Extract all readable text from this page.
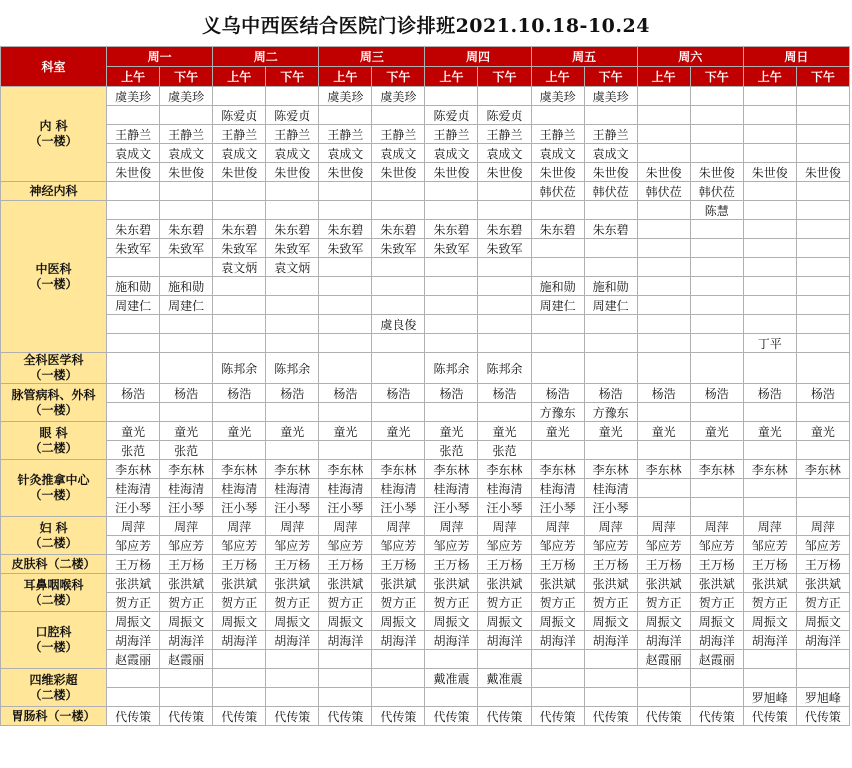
义乌中西医结合医院门诊排班2021.10.18-10.24
科室	周一		周二		周三		周四		周五		周六		周日	
	上午	下午	上午	下午	上午	下午	上午	下午	上午	下午	上午	下午	上午	下午
内 科
（一楼）	虞美珍	虞美珍			虞美珍	虞美珍			虞美珍	虞美珍				
			陈爱贞	陈爱贞			陈爱贞	陈爱贞						
	王静兰	王静兰	王静兰	王静兰	王静兰	王静兰	王静兰	王静兰	王静兰	王静兰				
	袁成文	袁成文	袁成文	袁成文	袁成文	袁成文	袁成文	袁成文	袁成文	袁成文				
	朱世俊	朱世俊	朱世俊	朱世俊	朱世俊	朱世俊	朱世俊	朱世俊	朱世俊	朱世俊	朱世俊	朱世俊	朱世俊	朱世俊
神经内科									韩伏莅	韩伏莅	韩伏莅	韩伏莅		
中医科
（一楼）												陈慧		
	朱东碧	朱东碧	朱东碧	朱东碧	朱东碧	朱东碧	朱东碧	朱东碧	朱东碧	朱东碧				
	朱致军	朱致军	朱致军	朱致军	朱致军	朱致军	朱致军	朱致军						
			袁文炳	袁文炳										
	施和勋	施和勋							施和勋	施和勋				
	周建仁	周建仁							周建仁	周建仁				
						虞良俊								
													丁平	
全科医学科
（一楼）			陈邦余	陈邦余			陈邦余	陈邦余						
脉管病科、外科
（一楼）	杨浩	杨浩	杨浩	杨浩	杨浩	杨浩	杨浩	杨浩	杨浩	杨浩	杨浩	杨浩	杨浩	杨浩
									方豫东	方豫东				
眼 科
（二楼）	童光	童光	童光	童光	童光	童光	童光	童光	童光	童光	童光	童光	童光	童光
	张范	张范					张范	张范						
针灸推拿中心
（一楼）	李东林	李东林	李东林	李东林	李东林	李东林	李东林	李东林	李东林	李东林	李东林	李东林	李东林	李东林
	桂海清	桂海清	桂海清	桂海清	桂海清	桂海清	桂海清	桂海清	桂海清	桂海清				
	汪小琴	汪小琴	汪小琴	汪小琴	汪小琴	汪小琴	汪小琴	汪小琴	汪小琴	汪小琴				
妇 科
（二楼）	周萍	周萍	周萍	周萍	周萍	周萍	周萍	周萍	周萍	周萍	周萍	周萍	周萍	周萍
	邹应芳	邹应芳	邹应芳	邹应芳	邹应芳	邹应芳	邹应芳	邹应芳	邹应芳	邹应芳	邹应芳	邹应芳	邹应芳	邹应芳
皮肤科（二楼）	王万杨	王万杨	王万杨	王万杨	王万杨	王万杨	王万杨	王万杨	王万杨	王万杨	王万杨	王万杨	王万杨	王万杨
耳鼻咽喉科
（二楼）	张洪斌	张洪斌	张洪斌	张洪斌	张洪斌	张洪斌	张洪斌	张洪斌	张洪斌	张洪斌	张洪斌	张洪斌	张洪斌	张洪斌
	贺方正	贺方正	贺方正	贺方正	贺方正	贺方正	贺方正	贺方正	贺方正	贺方正	贺方正	贺方正	贺方正	贺方正
口腔科
（一楼）	周振文	周振文	周振文	周振文	周振文	周振文	周振文	周振文	周振文	周振文	周振文	周振文	周振文	周振文
	胡海洋	胡海洋	胡海洋	胡海洋	胡海洋	胡海洋	胡海洋	胡海洋	胡海洋	胡海洋	胡海洋	胡海洋	胡海洋	胡海洋
	赵霞丽	赵霞丽									赵霞丽	赵霞丽		
四维彩超
（二楼）							戴准震	戴准震						
													罗旭峰	罗旭峰
胃肠科（一楼）	代传策	代传策	代传策	代传策	代传策	代传策	代传策	代传策	代传策	代传策	代传策	代传策	代传策	代传策
